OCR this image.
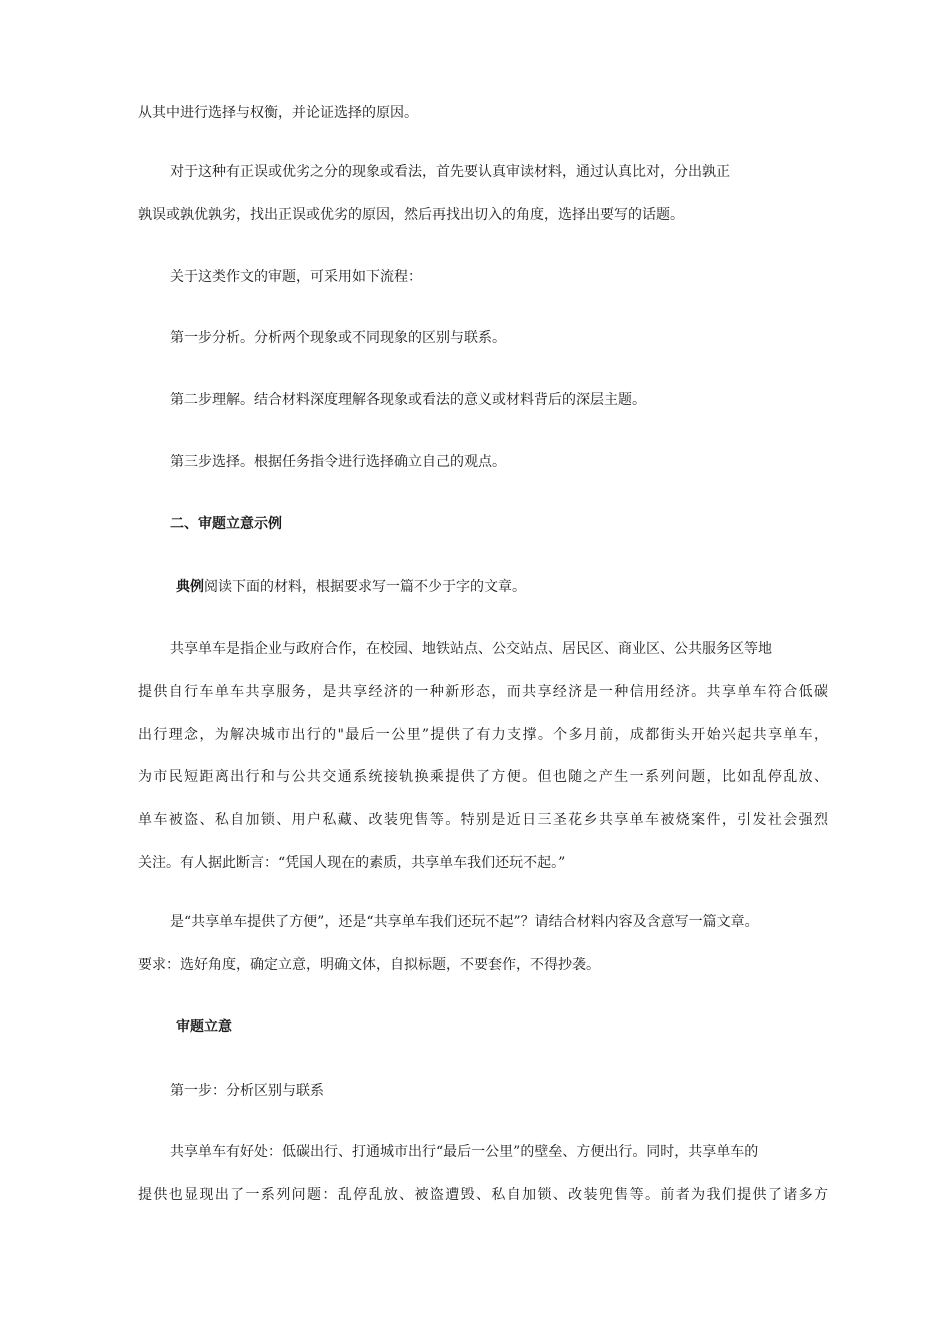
从其中进行选择与权衡，并论证选择的原因。

对于这种有正误或优劣之分的现象或看法，首先要认真审读材料，通过认真比对，分出孰正

孰误或孰优孰劣，找出正误或优劣的原因，然后再找出切入的角度，选择出要写的话题。

关于这类作文的审题，可采用如下流程：

第一步分析。分析两个现象或不同现象的区别与联系。

第二步理解。结合材料深度理解各现象或看法的意义或材料背后的深层主题。

第三步选择。根据任务指令进行选择确立自己的观点。

二、审题立意示例

典例阅读下面的材料，根据要求写一篇不少于字的文章。

共享单车是指企业与政府合作，在校园、地铁站点、公交站点、居民区、商业区、公共服务区等地

提供自行车单车共享服务，是共享经济的一种新形态，而共享经济是一种信用经济。共享单车符合低碳

出行理念，为解决城市出行的"最后一公里”提供了有力支撑。个多月前，成都街头开始兴起共享单车，

为市民短距离出行和与公共交通系统接轨换乘提供了方便。但也随之产生一系列问题，比如乱停乱放、

单车被盗、私自加锁、用户私藏、改装兜售等。特别是近日三圣花乡共享单车被烧案件，引发社会强烈

关注。有人据此断言：“凭国人现在的素质，共享单车我们还玩不起。”

是“共享单车提供了方便”，还是“共享单车我们还玩不起”？请结合材料内容及含意写一篇文章。

要求：选好角度，确定立意，明确文体，自拟标题，不要套作，不得抄袭。

审题立意

第一步：分析区别与联系

共享单车有好处：低碳出行、打通城市出行“最后一公里”的壁垒、方便出行。同时，共享单车的

提供也显现出了一系列问题：乱停乱放、被盗遭毁、私自加锁、改装兜售等。前者为我们提供了诸多方
